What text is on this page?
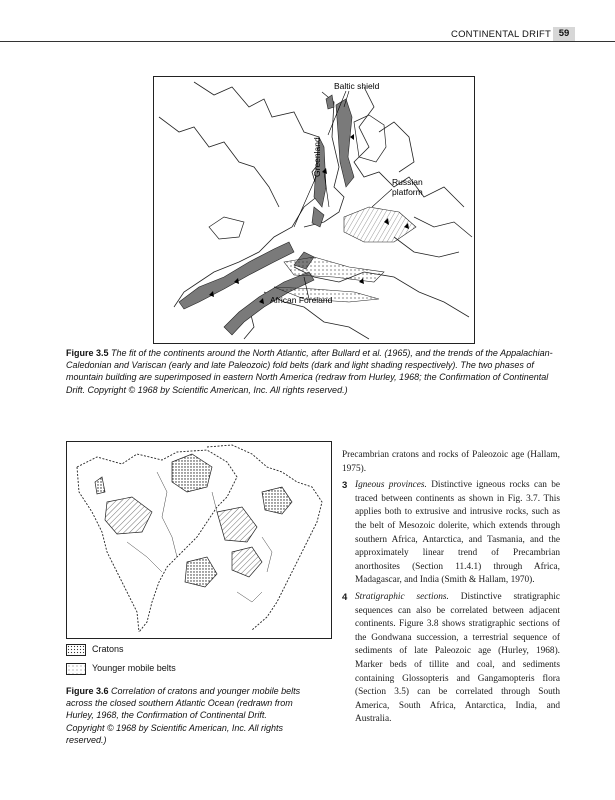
CONTINENTAL DRIFT 59
Baltic shield
Greenland
Russian
platform
African Foreland
Figure 3.5 The fit of the continents around the North Atlantic, after Bullard et al. (1965), and the trends of the Appalachian-Caledonian and Variscan (early and late Paleozoic) fold belts (dark and light shading respectively). The two phases of mountain building are superimposed in eastern North America (redraw from Hurley, 1968; the Confirmation of Continental Drift. Copyright © 1968 by Scientific American, Inc. All rights reserved.)
Cratons
Younger mobile belts
Figure 3.6 Correlation of cratons and younger mobile belts across the closed southern Atlantic Ocean (redrawn from Hurley, 1968, the Confirmation of Continental Drift. Copyright © 1968 by Scientific American, Inc. All rights reserved.)

Precambrian cratons and rocks of Paleozoic age (Hallam, 1975).

3 Igneous provinces. Distinctive igneous rocks can be traced between continents as shown in Fig. 3.7. This applies both to extrusive and intrusive rocks, such as the belt of Mesozoic dolerite, which extends through southern Africa, Antarctica, and Tasmania, and the approximately linear trend of Precambrian anorthosites (Section 11.4.1) through Africa, Madagascar, and India (Smith & Hallam, 1970).
4 Stratigraphic sections. Distinctive stratigraphic sequences can also be correlated between adjacent continents. Figure 3.8 shows stratigraphic sections of the Gondwana succession, a terrestrial sequence of sediments of late Paleozoic age (Hurley, 1968). Marker beds of tillite and coal, and sediments containing Glossopteris and Gangamopteris flora (Section 3.5) can be correlated through South America, South Africa, Antarctica, India, and Australia.
